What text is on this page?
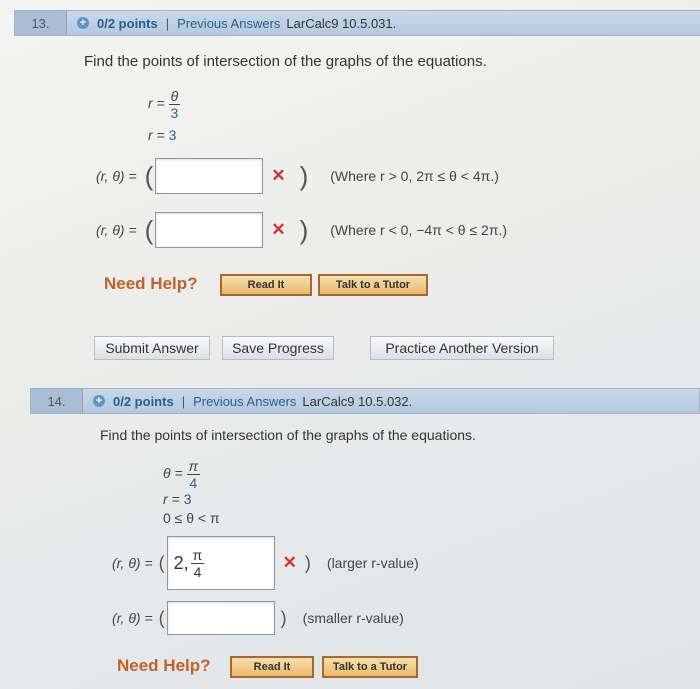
13.	+ 0/2 points | Previous Answers LarCalc9 10.5.031.
Find the points of intersection of the graphs of the equations.
$r = \frac{\theta}{3}$
r = 3
(r, θ) = (	✕ ) (Where r > 0, 2π ≤ θ < 4π.)
(r, θ) = (	✕ ) (Where r < 0, −4π < θ ≤ 2π.)
Need Help?	Read It	Talk to a Tutor
Submit Answer	Save Progress	Practice Another Version
14.	+ 0/2 points | Previous Answers LarCalc9 10.5.032.
Find the points of intersection of the graphs of the equations.
$\theta = \frac{\pi}{4}$
r = 3
0 ≤ θ < π
(r, θ) = ( 2, $\frac{\pi}{4}$	✕ ) (larger r-value)
(r, θ) = (	) (smaller r-value)
Need Help?	Read It	Talk to a Tutor
